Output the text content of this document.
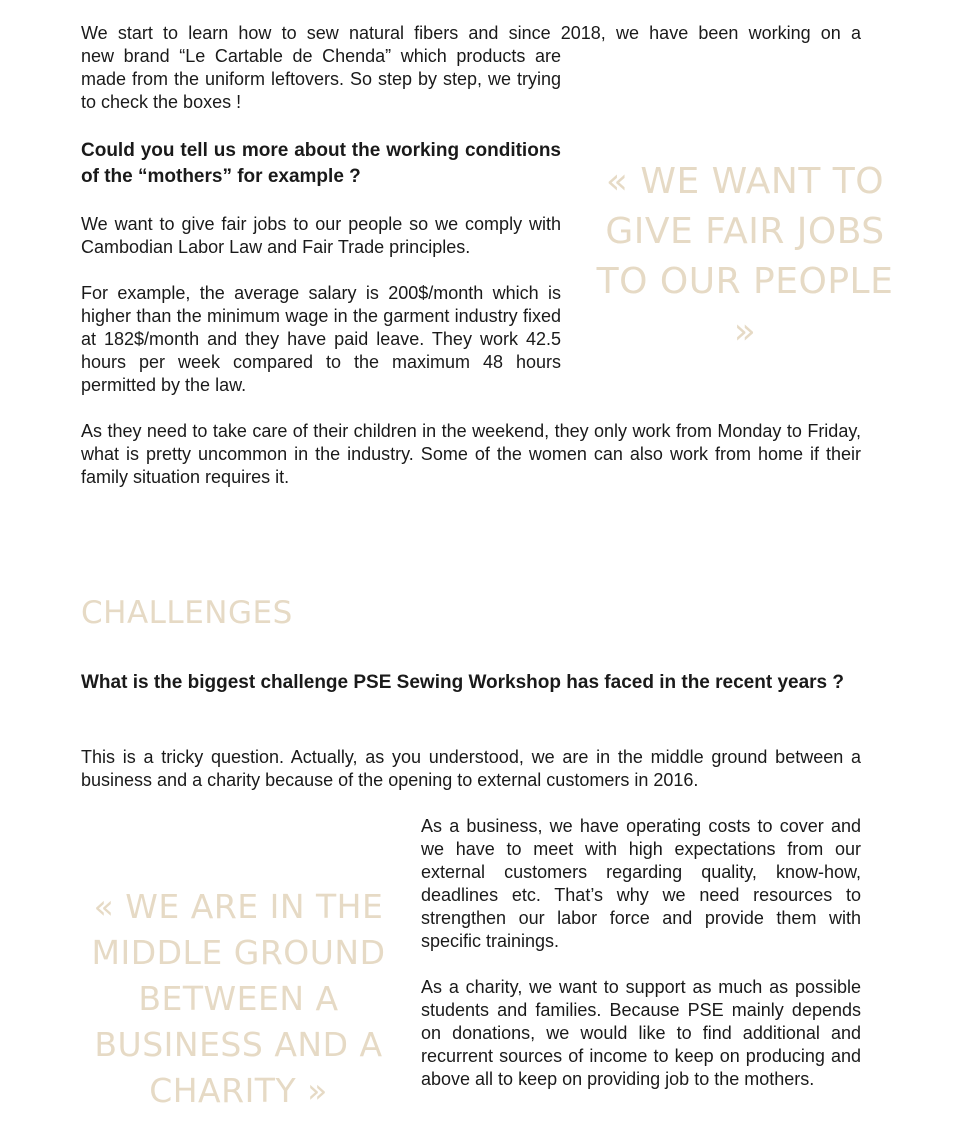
We start to learn how to sew natural fibers and since 2018, we have been working on a

new brand “Le Cartable de Chenda” which products are made from the uniform leftovers. So step by step, we trying to check the boxes !

Could you tell us more about the working conditions of the “mothers” for example ?

We want to give fair jobs to our people so we comply with Cambodian Labor Law and Fair Trade principles.

For example, the average salary is 200$/month which is higher than the minimum wage in the garment industry fixed at 182$/month and they have paid leave. They work 42.5 hours per week compared to the maximum 48 hours permitted by the law.

As they need to take care of their children in the weekend, they only work from Monday to Friday, what is pretty uncommon in the industry. Some of the women can also work from home if their family situation requires it.

« WE WANT TO GIVE FAIR JOBS TO OUR PEOPLE »
CHALLENGES
What is the biggest challenge PSE Sewing Workshop has faced in the recent years ?

This is a tricky question. Actually, as you understood, we are in the middle ground between a business and a charity because of the opening to external customers in 2016.

As a business, we have operating costs to cover and we have to meet with high expectations from our external customers regarding quality, know-how, deadlines etc. That’s why we need resources to strengthen our labor force and provide them with specific trainings.

As a charity, we want to support as much as possible students and families. Because PSE mainly depends on donations, we would like to find additional and recurrent sources of income to keep on producing and above all to keep on providing job to the mothers.

« WE ARE IN THE MIDDLE GROUND BETWEEN A BUSINESS AND A CHARITY »
